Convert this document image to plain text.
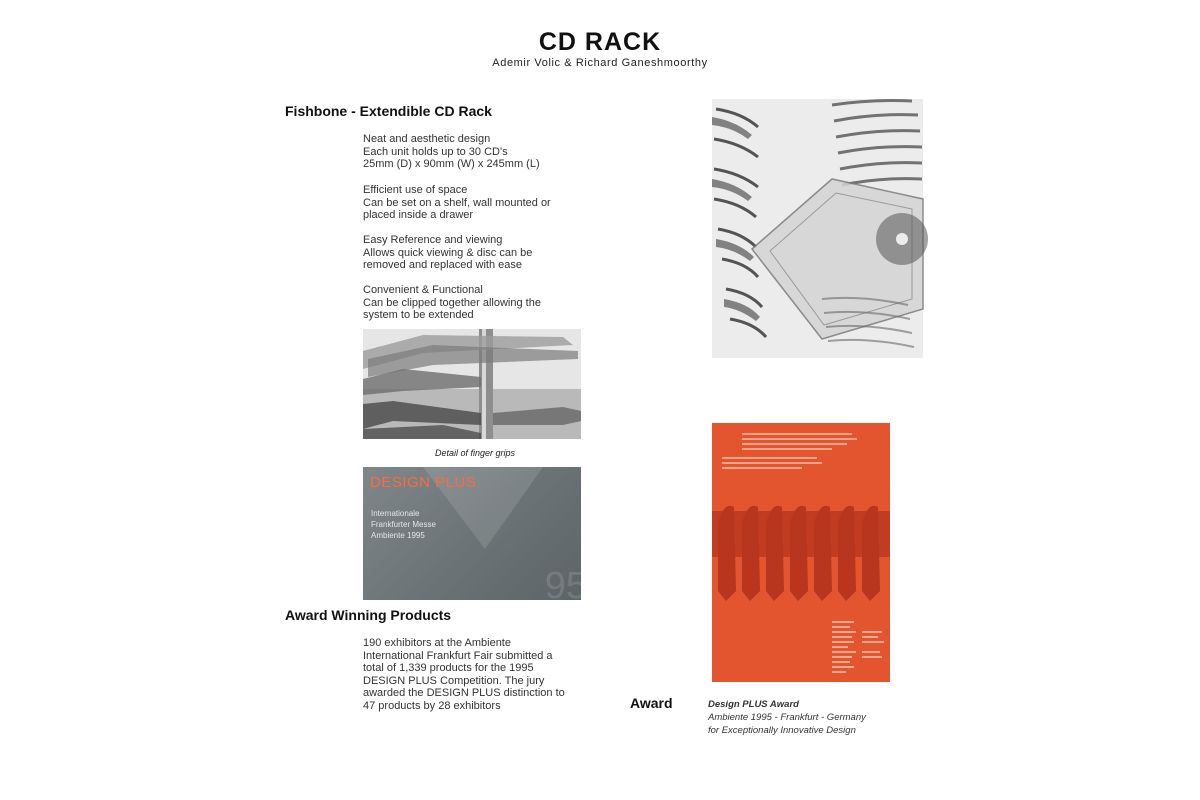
CD RACK
Ademir Volic & Richard Ganeshmoorthy
Fishbone - Extendible CD Rack
Neat and aesthetic design
Each unit holds up to 30 CD's
25mm (D) x 90mm (W) x 245mm (L)
Efficient use of space
Can be set on a shelf, wall mounted or
placed inside a drawer
Easy Reference and viewing
Allows quick viewing & disc can be
removed and replaced with ease
Convenient & Functional
Can be clipped together allowing the
system to be extended
Detail of finger grips
DESIGN PLUS
Internationale
Frankfurter Messe
Ambiente 1995
95
Award Winning Products
190 exhibitors at the Ambiente
International Frankfurt Fair submitted a
total of 1,339 products for the 1995
DESIGN PLUS Competition. The jury
awarded the DESIGN PLUS distinction to
47 products by 28 exhibitors	Award	Design PLUS Award
Ambiente 1995 - Frankfurt - Germany
for Exceptionally Innovative Design
